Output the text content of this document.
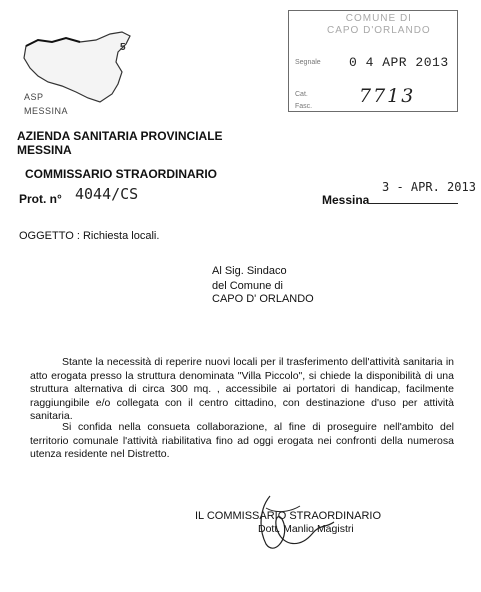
5
ASP
MESSINA
COMUNE DI
CAPO D'ORLANDO
Segnale 0 4 APR 2013
Cat.
Fasc. 7713
AZIENDA SANITARIA PROVINCIALE
MESSINA
COMMISSARIO STRAORDINARIO
Prot. n° 4044/CS	Messina
3 - APR. 2013
OGGETTO : Richiesta locali.
Al Sig. Sindaco
del Comune di
CAPO D' ORLANDO
Stante la necessità di reperire nuovi locali per il trasferimento dell'attività sanitaria in atto erogata presso la struttura denominata "Villa Piccolo", si chiede la disponibilità di una struttura alternativa di circa 300 mq. , accessibile ai portatori di handicap, facilmente raggiungibile e/o collegata con il centro cittadino, con destinazione d'uso per attività sanitaria.
Si confida nella consueta collaborazione, al fine di proseguire nell'ambito del territorio comunale l'attività riabilitativa fino ad oggi erogata nei confronti della numerosa utenza residente nel Distretto.
IL COMMISSARIO STRAORDINARIO
Dott. Manlio Magistri
